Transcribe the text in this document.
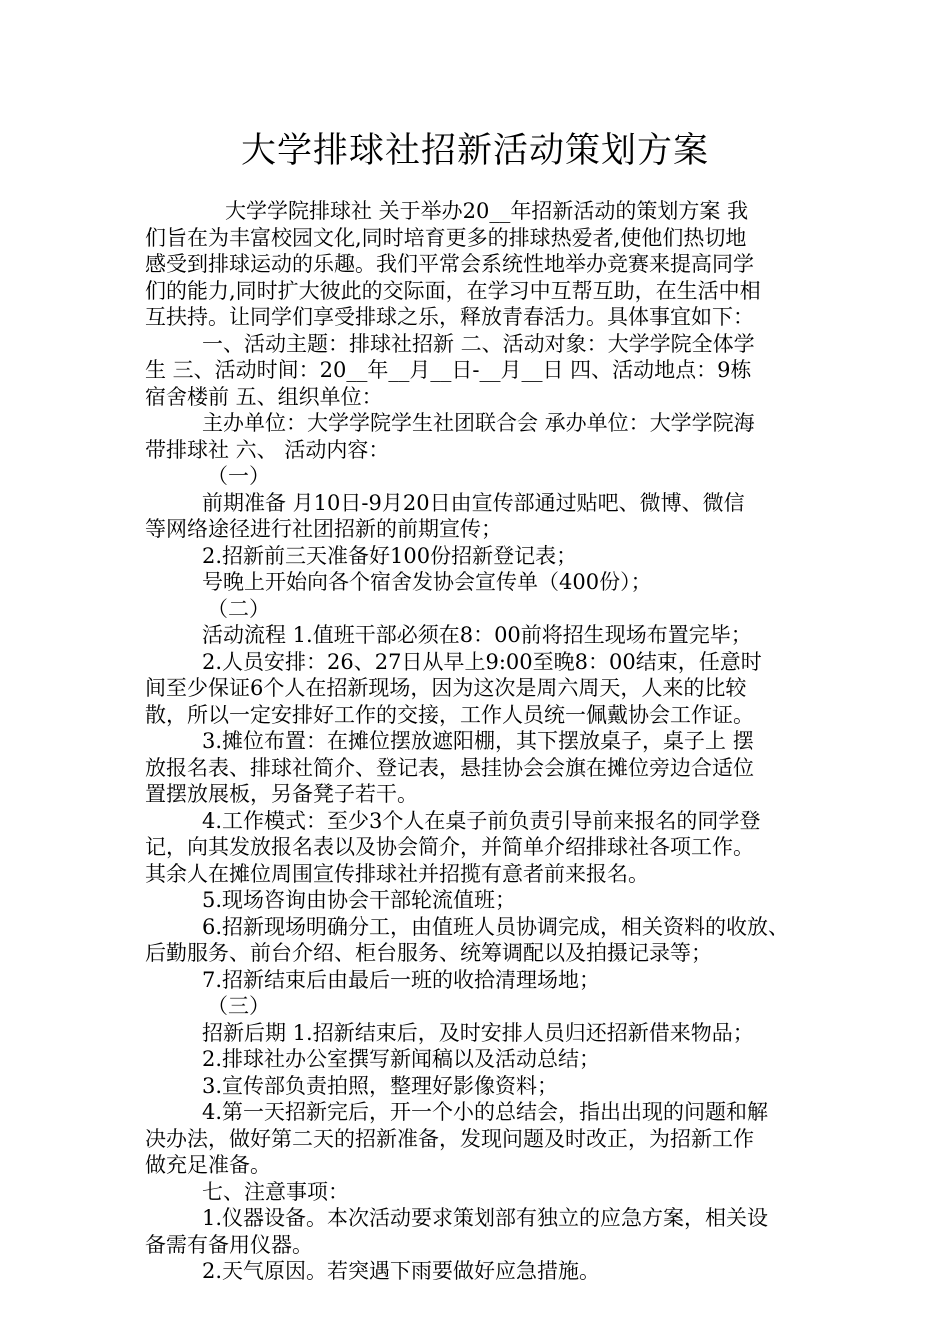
大学排球社招新活动策划方案
大学学院排球社 关于举办20__年招新活动的策划方案 我
们旨在为丰富校园文化,同时培育更多的排球热爱者,使他们热切地
感受到排球运动的乐趣。我们平常会系统性地举办竞赛来提高同学
们的能力,同时扩大彼此的交际面，在学习中互帮互助，在生活中相
互扶持。让同学们享受排球之乐，释放青春活力。具体事宜如下：
一、活动主题：排球社招新 二、活动对象：大学学院全体学
生 三、活动时间：20__年__月__日-__月__日 四、活动地点：9栋
宿舍楼前 五、组织单位：
主办单位：大学学院学生社团联合会 承办单位：大学学院海
带排球社 六、 活动内容：
（一）
前期准备 月10日-9月20日由宣传部通过贴吧、微博、微信
等网络途径进行社团招新的前期宣传；
2.招新前三天准备好100份招新登记表；
号晚上开始向各个宿舍发协会宣传单（400份）；
（二）
活动流程 1.值班干部必须在8：00前将招生现场布置完毕；
2.人员安排：26、27日从早上9:00至晚8：00结束，任意时
间至少保证6个人在招新现场，因为这次是周六周天，人来的比较
散，所以一定安排好工作的交接，工作人员统一佩戴协会工作证。
3.摊位布置：在摊位摆放遮阳棚，其下摆放桌子，桌子上 摆
放报名表、排球社简介、登记表，悬挂协会会旗在摊位旁边合适位
置摆放展板，另备凳子若干。
4.工作模式：至少3个人在桌子前负责引导前来报名的同学登
记，向其发放报名表以及协会简介，并简单介绍排球社各项工作。
其余人在摊位周围宣传排球社并招揽有意者前来报名。
5.现场咨询由协会干部轮流值班；
6.招新现场明确分工，由值班人员协调完成，相关资料的收放、
后勤服务、前台介绍、柜台服务、统筹调配以及拍摄记录等；
7.招新结束后由最后一班的收拾清理场地；
（三）
招新后期 1.招新结束后，及时安排人员归还招新借来物品；
2.排球社办公室撰写新闻稿以及活动总结；
3.宣传部负责拍照，整理好影像资料；
4.第一天招新完后，开一个小的总结会，指出出现的问题和解
决办法，做好第二天的招新准备，发现问题及时改正，为招新工作
做充足准备。
七、注意事项：
1.仪器设备。本次活动要求策划部有独立的应急方案，相关设
备需有备用仪器。
2.天气原因。若突遇下雨要做好应急措施。
